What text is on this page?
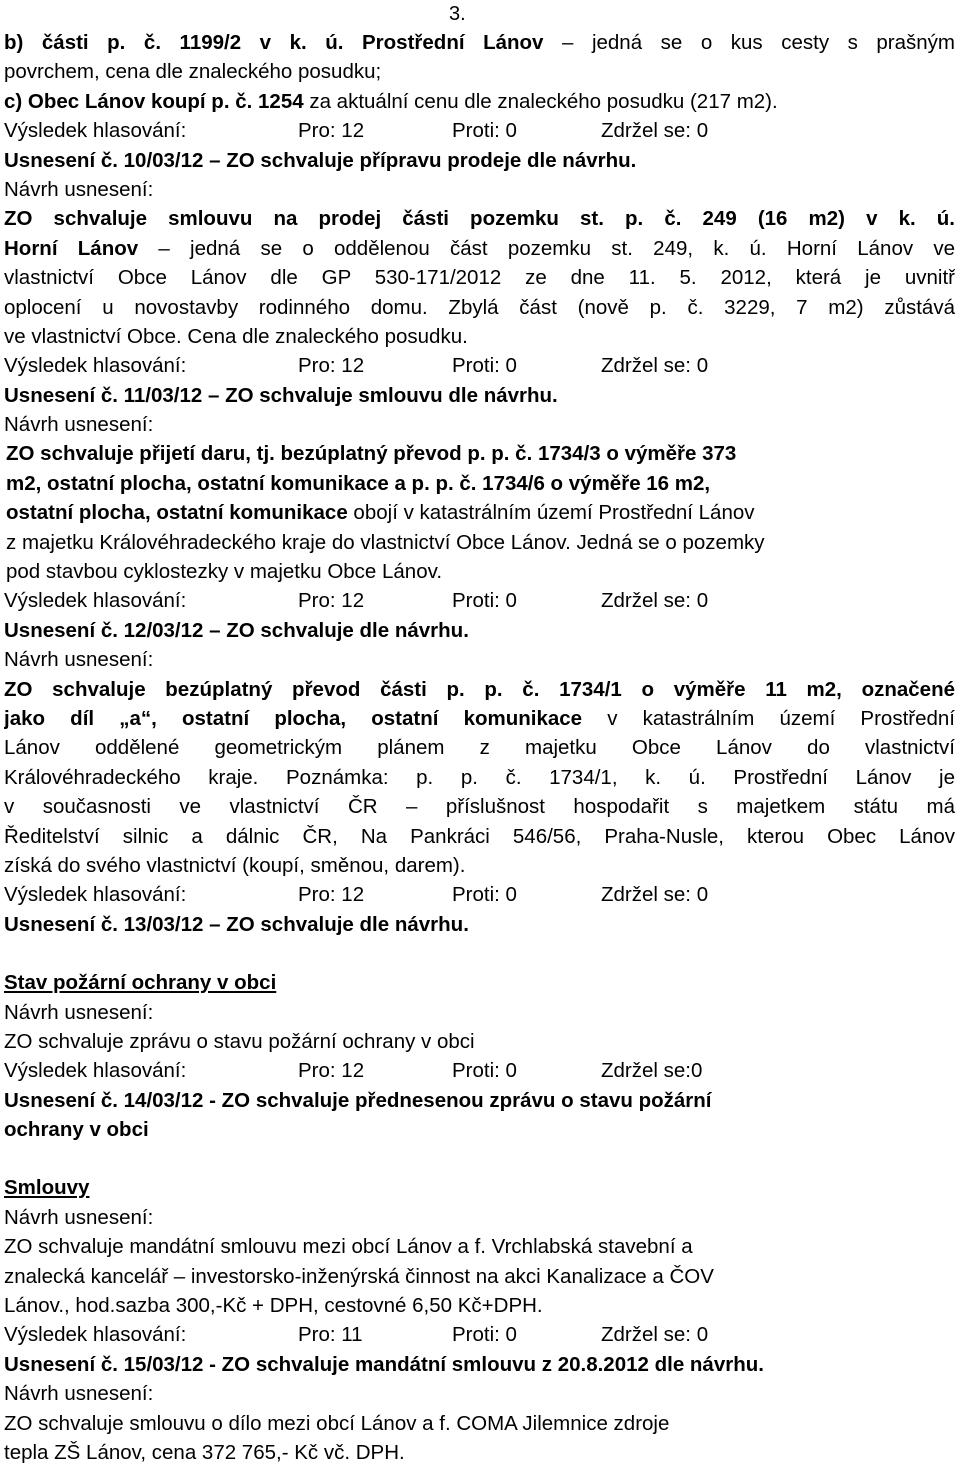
3.
b) části p. č. 1199/2 v k. ú. Prostřední Lánov – jedná se o kus cesty s prašným
povrchem, cena dle znaleckého posudku;
c) Obec Lánov koupí p. č. 1254 za aktuální cenu dle znaleckého posudku (217 m2).
Výsledek hlasování:	Pro: 12	Proti: 0	Zdržel se: 0
Usnesení č. 10/03/12 – ZO schvaluje přípravu prodeje dle návrhu.
Návrh usnesení:
ZO schvaluje smlouvu na prodej části pozemku st. p. č. 249 (16 m2) v k. ú.
Horní Lánov – jedná se o oddělenou část pozemku st. 249, k. ú. Horní Lánov ve
vlastnictví Obce Lánov dle GP 530-171/2012 ze dne 11. 5. 2012, která je uvnitř
oplocení u novostavby rodinného domu. Zbylá část (nově p. č. 3229, 7 m2) zůstává
ve vlastnictví Obce. Cena dle znaleckého posudku.
Výsledek hlasování:	Pro: 12	Proti: 0	Zdržel se: 0
Usnesení č. 11/03/12 – ZO schvaluje smlouvu dle návrhu.
Návrh usnesení:
ZO schvaluje přijetí daru, tj. bezúplatný převod p. p. č. 1734/3 o výměře 373
m2, ostatní plocha, ostatní komunikace a p. p. č. 1734/6 o výměře 16 m2,
ostatní plocha, ostatní komunikace obojí v katastrálním území Prostřední Lánov
z majetku Královéhradeckého kraje do vlastnictví Obce Lánov. Jedná se o pozemky
pod stavbou cyklostezky v majetku Obce Lánov.
Výsledek hlasování:	Pro: 12	Proti: 0	Zdržel se: 0
Usnesení č. 12/03/12 – ZO schvaluje dle návrhu.
Návrh usnesení:
ZO schvaluje bezúplatný převod části p. p. č. 1734/1 o výměře 11 m2, označené
jako díl „a“, ostatní plocha, ostatní komunikace v katastrálním území Prostřední
Lánov oddělené geometrickým plánem z majetku Obce Lánov do vlastnictví
Královéhradeckého kraje. Poznámka: p. p. č. 1734/1, k. ú. Prostřední Lánov je
v současnosti ve vlastnictví ČR – příslušnost hospodařit s majetkem státu má
Ředitelství silnic a dálnic ČR, Na Pankráci 546/56, Praha-Nusle, kterou Obec Lánov
získá do svého vlastnictví (koupí, směnou, darem).
Výsledek hlasování:	Pro: 12	Proti: 0	Zdržel se: 0
Usnesení č. 13/03/12 – ZO schvaluje dle návrhu.
Stav požární ochrany v obci
Návrh usnesení:
ZO schvaluje zprávu o stavu požární ochrany v obci
Výsledek hlasování:	Pro: 12	Proti: 0	Zdržel se:0
Usnesení č. 14/03/12 - ZO schvaluje přednesenou zprávu o stavu požární
ochrany v obci
Smlouvy
Návrh usnesení:
ZO schvaluje mandátní smlouvu mezi obcí Lánov a f. Vrchlabská stavební a
znalecká kancelář – investorsko-inženýrská činnost na akci Kanalizace a ČOV
Lánov., hod.sazba 300,-Kč + DPH, cestovné 6,50 Kč+DPH.
Výsledek hlasování:	Pro: 11	Proti: 0	Zdržel se: 0
Usnesení č. 15/03/12 - ZO schvaluje mandátní smlouvu z 20.8.2012 dle návrhu.
Návrh usnesení:
ZO schvaluje smlouvu o dílo mezi obcí Lánov a f. COMA Jilemnice zdroje
tepla ZŠ Lánov, cena 372 765,- Kč vč. DPH.
